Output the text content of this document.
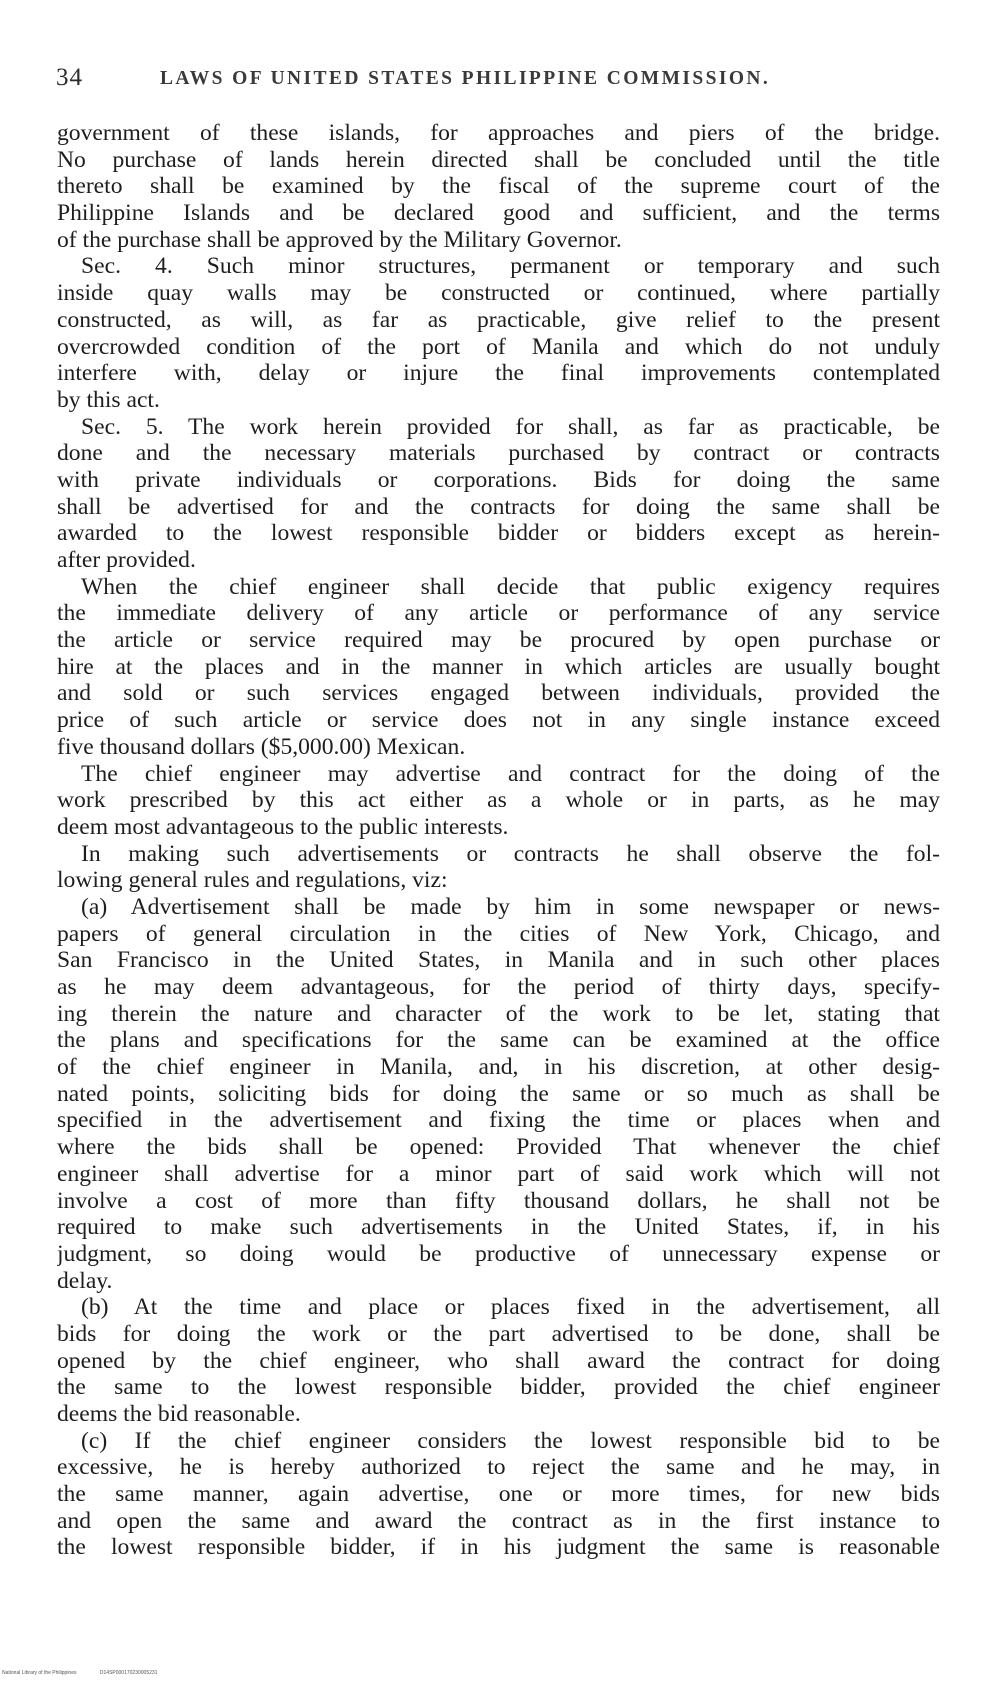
34	LAWS OF UNITED STATES PHILIPPINE COMMISSION.
government of these islands, for approaches and piers of the bridge.
No purchase of lands herein directed shall be concluded until the title
thereto shall be examined by the fiscal of the supreme court of the
Philippine Islands and be declared good and sufficient, and the terms
of the purchase shall be approved by the Military Governor.
Sec. 4. Such minor structures, permanent or temporary and such
inside quay walls may be constructed or continued, where partially
constructed, as will, as far as practicable, give relief to the present
overcrowded condition of the port of Manila and which do not unduly
interfere with, delay or injure the final improvements contemplated
by this act.
Sec. 5. The work herein provided for shall, as far as practicable, be
done and the necessary materials purchased by contract or contracts
with private individuals or corporations. Bids for doing the same
shall be advertised for and the contracts for doing the same shall be
awarded to the lowest responsible bidder or bidders except as herein-
after provided.
When the chief engineer shall decide that public exigency requires
the immediate delivery of any article or performance of any service
the article or service required may be procured by open purchase or
hire at the places and in the manner in which articles are usually bought
and sold or such services engaged between individuals, provided the
price of such article or service does not in any single instance exceed
five thousand dollars ($5,000.00) Mexican.
The chief engineer may advertise and contract for the doing of the
work prescribed by this act either as a whole or in parts, as he may
deem most advantageous to the public interests.
In making such advertisements or contracts he shall observe the fol-
lowing general rules and regulations, viz:
(a) Advertisement shall be made by him in some newspaper or news-
papers of general circulation in the cities of New York, Chicago, and
San Francisco in the United States, in Manila and in such other places
as he may deem advantageous, for the period of thirty days, specify-
ing therein the nature and character of the work to be let, stating that
the plans and specifications for the same can be examined at the office
of the chief engineer in Manila, and, in his discretion, at other desig-
nated points, soliciting bids for doing the same or so much as shall be
specified in the advertisement and fixing the time or places when and
where the bids shall be opened: Provided That whenever the chief
engineer shall advertise for a minor part of said work which will not
involve a cost of more than fifty thousand dollars, he shall not be
required to make such advertisements in the United States, if, in his
judgment, so doing would be productive of unnecessary expense or
delay.
(b) At the time and place or places fixed in the advertisement, all
bids for doing the work or the part advertised to be done, shall be
opened by the chief engineer, who shall award the contract for doing
the same to the lowest responsible bidder, provided the chief engineer
deems the bid reasonable.
(c) If the chief engineer considers the lowest responsible bid to be
excessive, he is hereby authorized to reject the same and he may, in
the same manner, again advertise, one or more times, for new bids
and open the same and award the contract as in the first instance to
the lowest responsible bidder, if in his judgment the same is reasonable
National Library of the Philippines	D14SP000170230005231
